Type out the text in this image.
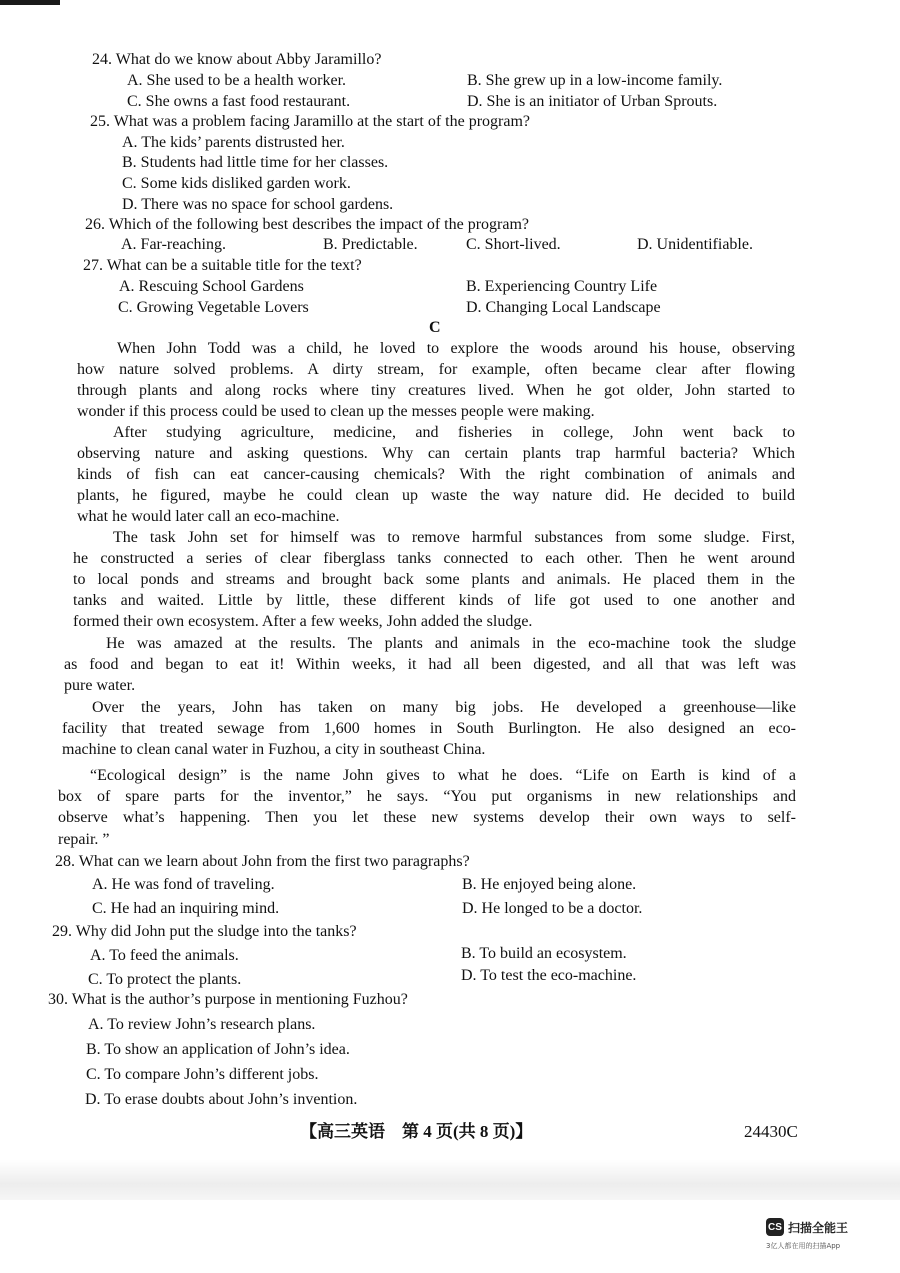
24. What do we know about Abby Jaramillo?
A. She used to be a health worker.	B. She grew up in a low-income family.
C. She owns a fast food restaurant.	D. She is an initiator of Urban Sprouts.
25. What was a problem facing Jaramillo at the start of the program?
A. The kids’ parents distrusted her.
B. Students had little time for her classes.
C. Some kids disliked garden work.
D. There was no space for school gardens.
26. Which of the following best describes the impact of the program?
A. Far-reaching.	B. Predictable.	C. Short-lived.	D. Unidentifiable.
27. What can be a suitable title for the text?
A. Rescuing School Gardens	B. Experiencing Country Life
C. Growing Vegetable Lovers	D. Changing Local Landscape
C
When John Todd was a child, he loved to explore the woods around his house, observing
how nature solved problems. A dirty stream, for example, often became clear after flowing
through plants and along rocks where tiny creatures lived. When he got older, John started to
wonder if this process could be used to clean up the messes people were making.
After studying agriculture, medicine, and fisheries in college, John went back to
observing nature and asking questions. Why can certain plants trap harmful bacteria? Which
kinds of fish can eat cancer-causing chemicals? With the right combination of animals and
plants, he figured, maybe he could clean up waste the way nature did. He decided to build
what he would later call an eco-machine.
The task John set for himself was to remove harmful substances from some sludge. First,
he constructed a series of clear fiberglass tanks connected to each other. Then he went around
to local ponds and streams and brought back some plants and animals. He placed them in the
tanks and waited. Little by little, these different kinds of life got used to one another and
formed their own ecosystem. After a few weeks, John added the sludge.
He was amazed at the results. The plants and animals in the eco-machine took the sludge
as food and began to eat it! Within weeks, it had all been digested, and all that was left was
pure water.
Over the years, John has taken on many big jobs. He developed a greenhouse—like
facility that treated sewage from 1,600 homes in South Burlington. He also designed an eco-
machine to clean canal water in Fuzhou, a city in southeast China.
“Ecological design” is the name John gives to what he does. “Life on Earth is kind of a
box of spare parts for the inventor,” he says. “You put organisms in new relationships and
observe what’s happening. Then you let these new systems develop their own ways to self-
repair. ”
28. What can we learn about John from the first two paragraphs?
A. He was fond of traveling.	B. He enjoyed being alone.
C. He had an inquiring mind.	D. He longed to be a doctor.
29. Why did John put the sludge into the tanks?
A. To feed the animals.	B. To build an ecosystem.
C. To protect the plants.	D. To test the eco-machine.
30. What is the author’s purpose in mentioning Fuzhou?
A. To review John’s research plans.
B. To show an application of John’s idea.
C. To compare John’s different jobs.
D. To erase doubts about John’s invention.
【高三英语　第 4 页(共 8 页)】	24430C
CS 扫描全能王
3亿人都在用的扫描App
